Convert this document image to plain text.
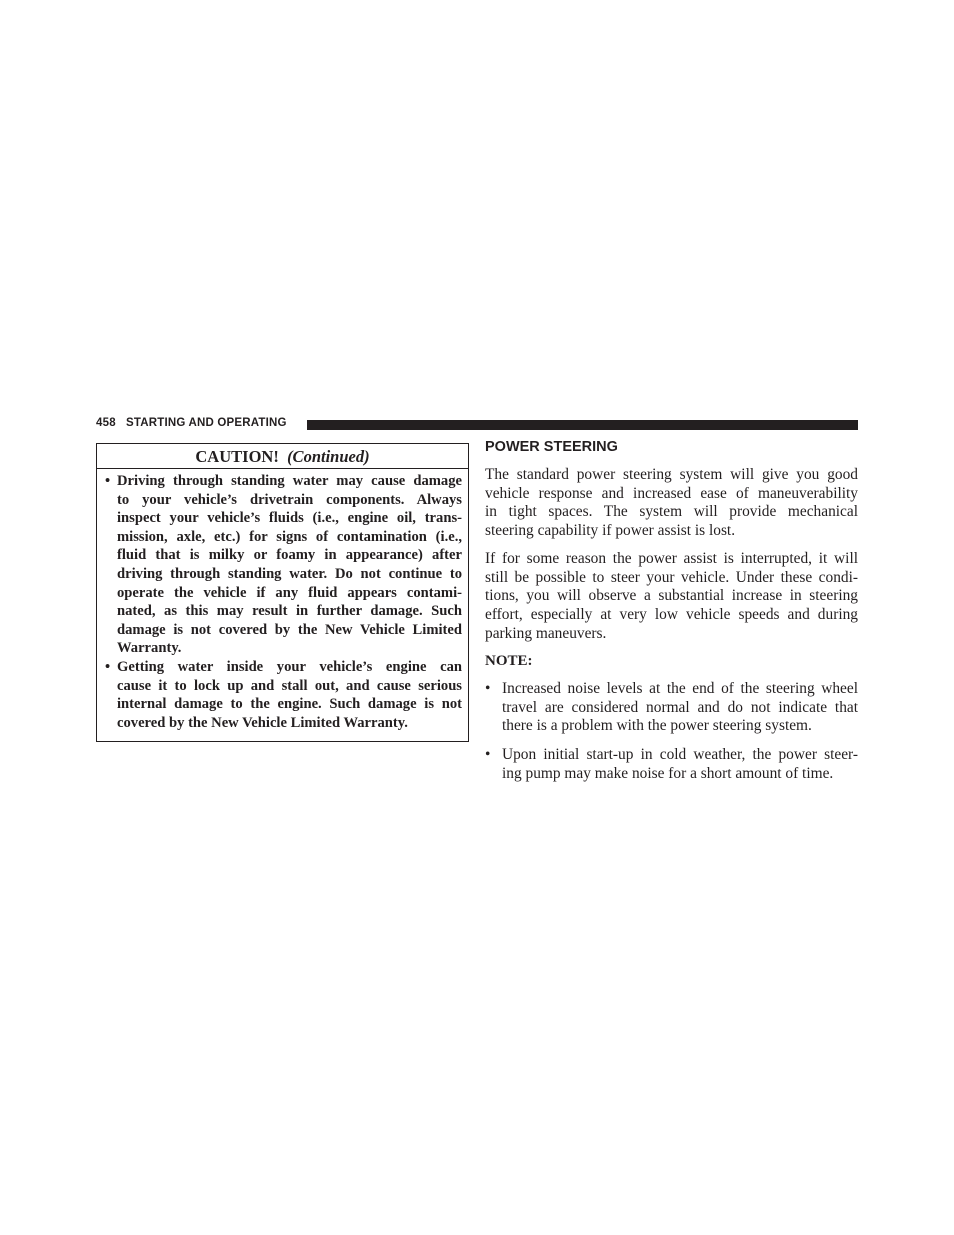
458 STARTING AND OPERATING
CAUTION! (Continued)
• Driving through standing water may cause damage
to your vehicle’s drivetrain components. Always
inspect your vehicle’s fluids (i.e., engine oil, trans-
mission, axle, etc.) for signs of contamination (i.e.,
fluid that is milky or foamy in appearance) after
driving through standing water. Do not continue to
operate the vehicle if any fluid appears contami-
nated, as this may result in further damage. Such
damage is not covered by the New Vehicle Limited
Warranty.
• Getting water inside your vehicle’s engine can
cause it to lock up and stall out, and cause serious
internal damage to the engine. Such damage is not
covered by the New Vehicle Limited Warranty.
POWER STEERING
The standard power steering system will give you good
vehicle response and increased ease of maneuverability
in tight spaces. The system will provide mechanical
steering capability if power assist is lost.
If for some reason the power assist is interrupted, it will
still be possible to steer your vehicle. Under these condi-
tions, you will observe a substantial increase in steering
effort, especially at very low vehicle speeds and during
parking maneuvers.
NOTE:
• Increased noise levels at the end of the steering wheel
travel are considered normal and do not indicate that
there is a problem with the power steering system.
• Upon initial start-up in cold weather, the power steer-
ing pump may make noise for a short amount of time.
